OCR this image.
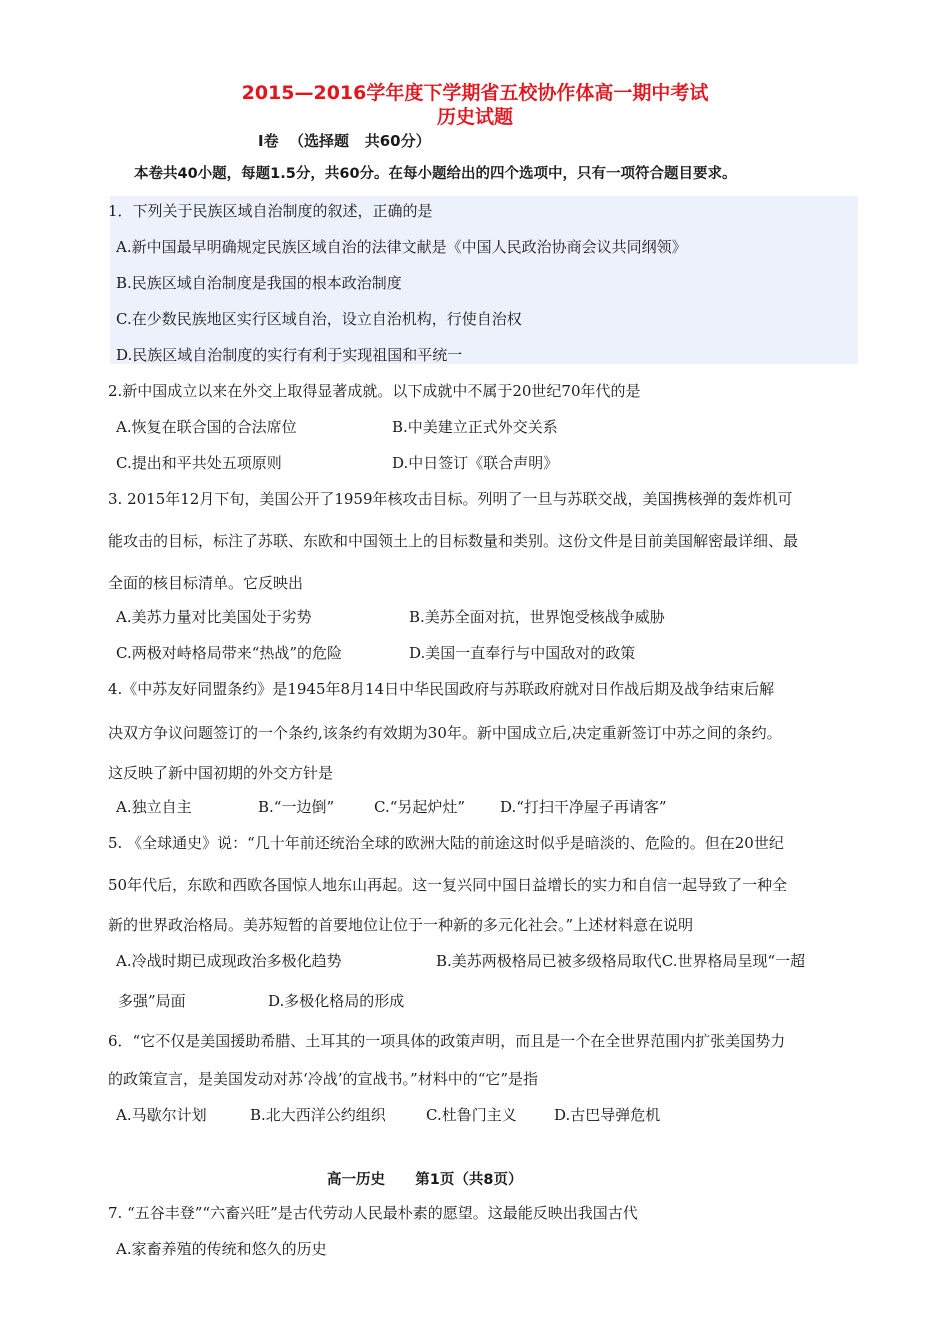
2015—2016学年度下学期省五校协作体高一期中考试
历史试题
I卷  （选择题   共60分）
本卷共40小题，每题1.5分，共60分。在每小题给出的四个选项中，只有一项符合题目要求。
1．下列关于民族区域自治制度的叙述，正确的是
A.新中国最早明确规定民族区域自治的法律文献是《中国人民政治协商会议共同纲领》
B.民族区域自治制度是我国的根本政治制度
C.在少数民族地区实行区域自治，设立自治机构，行使自治权
D.民族区域自治制度的实行有利于实现祖国和平统一
2.新中国成立以来在外交上取得显著成就。以下成就中不属于20世纪70年代的是
A.恢复在联合国的合法席位	B.中美建立正式外交关系
C.提出和平共处五项原则	D.中日签订《联合声明》
3. 2015年12月下旬，美国公开了1959年核攻击目标。列明了一旦与苏联交战，美国携核弹的轰炸机可
能攻击的目标，标注了苏联、东欧和中国领土上的目标数量和类别。这份文件是目前美国解密最详细、最
全面的核目标清单。它反映出
A.美苏力量对比美国处于劣势	B.美苏全面对抗，世界饱受核战争威胁
C.两极对峙格局带来“热战”的危险	D.美国一直奉行与中国敌对的政策
4.《中苏友好同盟条约》是1945年8月14日中华民国政府与苏联政府就对日作战后期及战争结束后解
决双方争议问题签订的一个条约,该条约有效期为30年。新中国成立后,决定重新签订中苏之间的条约。
这反映了新中国初期的外交方针是
A.独立自主	B.“一边倒”	C.“另起炉灶” D.“打扫干净屋子再请客”
5. 《全球通史》说：“几十年前还统治全球的欧洲大陆的前途这时似乎是暗淡的、危险的。但在20世纪
50年代后，东欧和西欧各国惊人地东山再起。这一复兴同中国日益增长的实力和自信一起导致了一种全
新的世界政治格局。美苏短暂的首要地位让位于一种新的多元化社会。”上述材料意在说明
A.冷战时期已成现政治多极化趋势	B.美苏两极格局已被多级格局取代C.世界格局呈现“一超
多强”局面	D.多极化格局的形成
6．“它不仅是美国援助希腊、土耳其的一项具体的政策声明，而且是一个在全世界范围内扩张美国势力
的政策宣言，是美国发动对苏‘冷战’的宣战书。”材料中的“它”是指
A.马歇尔计划	B.北大西洋公约组织	C.杜鲁门主义 D.古巴导弹危机
高一历史      第1页（共8页）
7. “五谷丰登”“六畜兴旺”是古代劳动人民最朴素的愿望。这最能反映出我国古代
A.家畜养殖的传统和悠久的历史
